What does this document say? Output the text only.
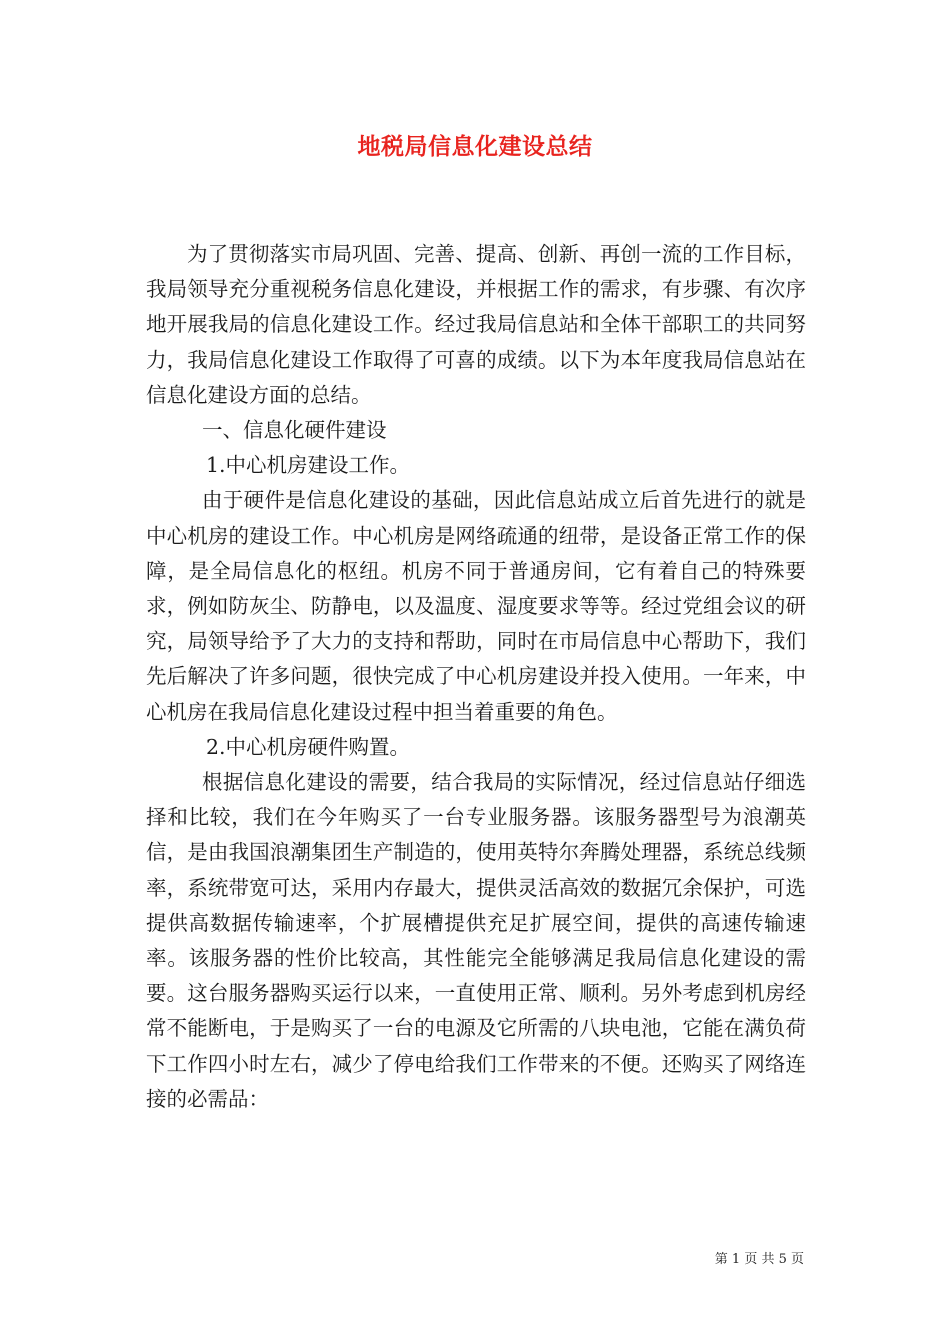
地税局信息化建设总结

为了贯彻落实市局巩固、完善、提高、创新、再创一流的工作目标，我局领导充分重视税务信息化建设，并根据工作的需求，有步骤、有次序地开展我局的信息化建设工作。经过我局信息站和全体干部职工的共同努力，我局信息化建设工作取得了可喜的成绩。以下为本年度我局信息站在信息化建设方面的总结。

一、信息化硬件建设

1.中心机房建设工作。

由于硬件是信息化建设的基础，因此信息站成立后首先进行的就是中心机房的建设工作。中心机房是网络疏通的纽带，是设备正常工作的保障，是全局信息化的枢纽。机房不同于普通房间，它有着自己的特殊要求，例如防灰尘、防静电，以及温度、湿度要求等等。经过党组会议的研究，局领导给予了大力的支持和帮助，同时在市局信息中心帮助下，我们先后解决了许多问题，很快完成了中心机房建设并投入使用。一年来，中心机房在我局信息化建设过程中担当着重要的角色。

2.中心机房硬件购置。

根据信息化建设的需要，结合我局的实际情况，经过信息站仔细选择和比较，我们在今年购买了一台专业服务器。该服务器型号为浪潮英信，是由我国浪潮集团生产制造的，使用英特尔奔腾处理器，系统总线频率，系统带宽可达，采用内存最大，提供灵活高效的数据冗余保护，可选提供高数据传输速率，个扩展槽提供充足扩展空间，提供的高速传输速率。该服务器的性价比较高，其性能完全能够满足我局信息化建设的需要。这台服务器购买运行以来，一直使用正常、顺利。另外考虑到机房经常不能断电，于是购买了一台的电源及它所需的八块电池，它能在满负荷下工作四小时左右，减少了停电给我们工作带来的不便。还购买了网络连接的必需品：

第 1 页 共 5 页
